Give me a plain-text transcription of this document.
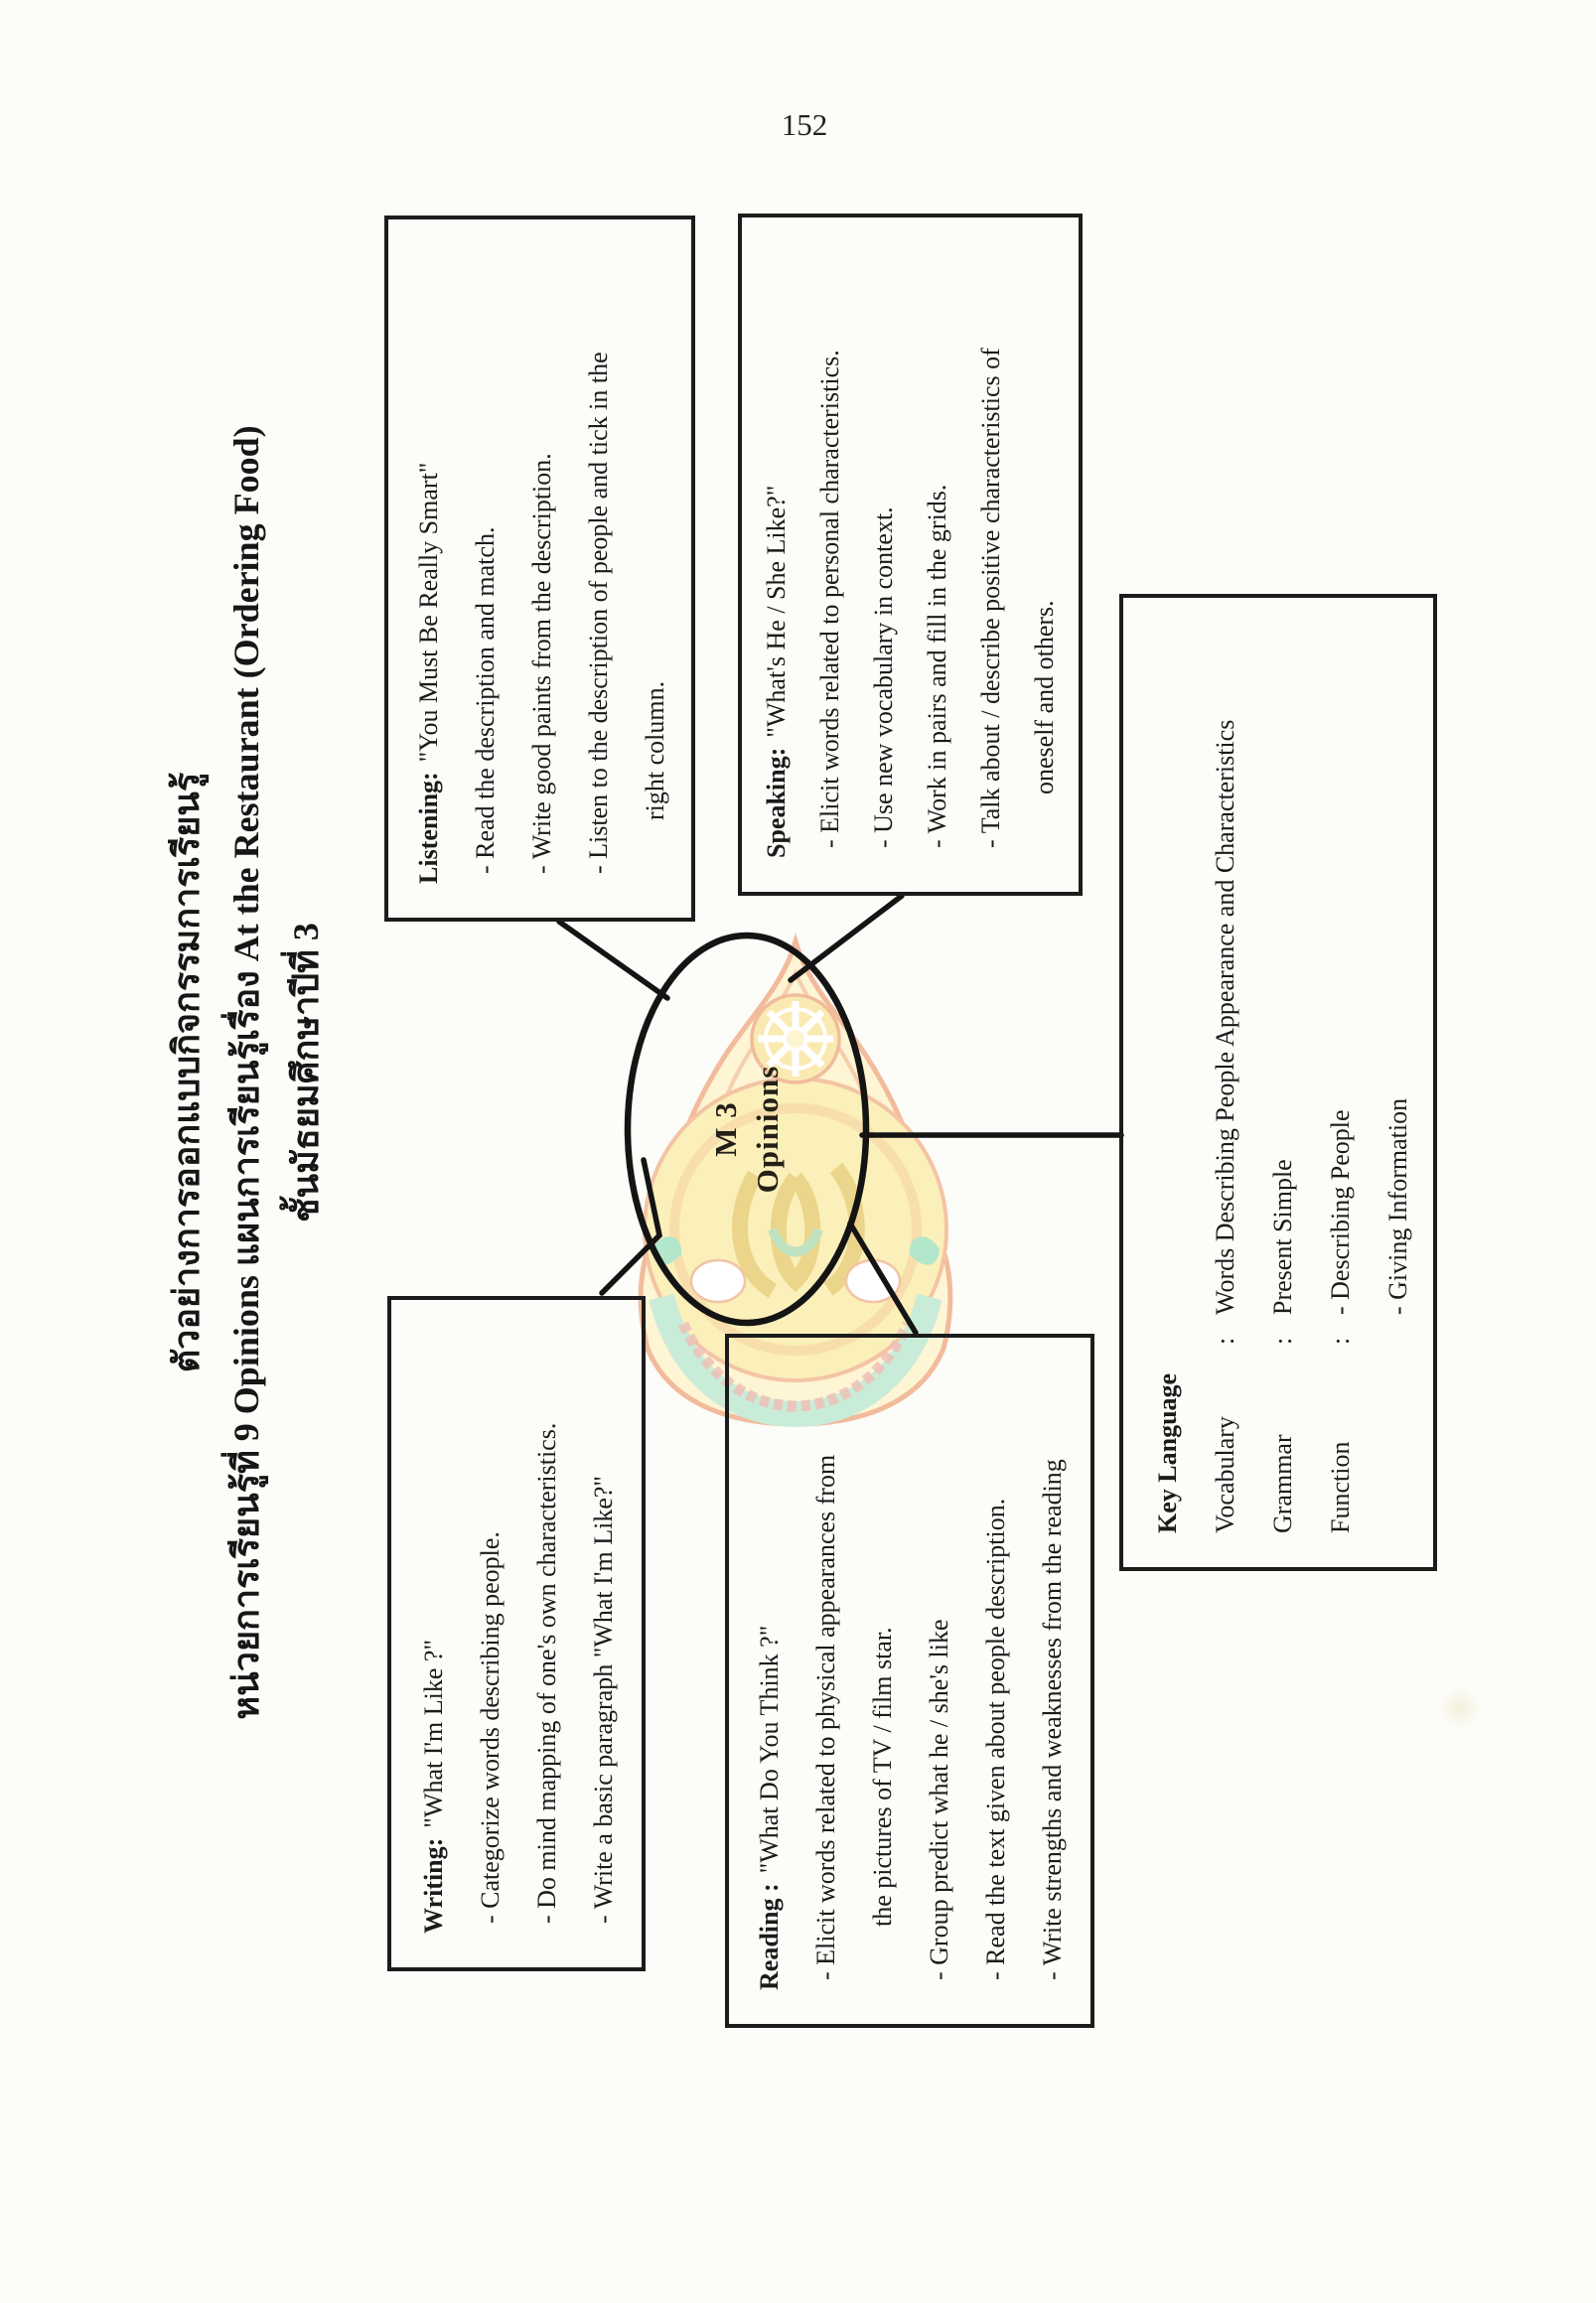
152
ตัวอย่างการออกแบบกิจกรรมการเรียนรู้ หน่วยการเรียนรู้ที่ 9 Opinions แผนการเรียนรู้เรื่อง At the Restaurant (Ordering Food) ชั้นมัธยมศึกษาปีที่ 3
Writing:"What I'm Like ?"	- Categorize words describing people.	- Do mind mapping of one's own characteristics.	- Write a basic paragraph "What I'm Like?"
Listening:"You Must Be Really Smart"	- Read the description and match.	- Write good paints from the description.	- Listen to the description of people and tick in the	right column.
Reading :"What Do You Think ?"	- Elicit words related to physical appearances from	the pictures of TV / film star.	- Group predict what he / she's like	- Read the text given about people description.	- Write strengths and weaknesses from the reading
Speaking:"What's He / She Like?" - Elicit words related to personal characteristics. - Use new vocabulary in context. - Work in pairs and fill in the grids. - Talk about / describe positive characteristics of oneself and others.
Key Language	Vocabulary:Words Describing People Appearance and Characteristics
Grammar:Present Simple
Function:- Describing People	- Giving Information
M 3 Opinions
